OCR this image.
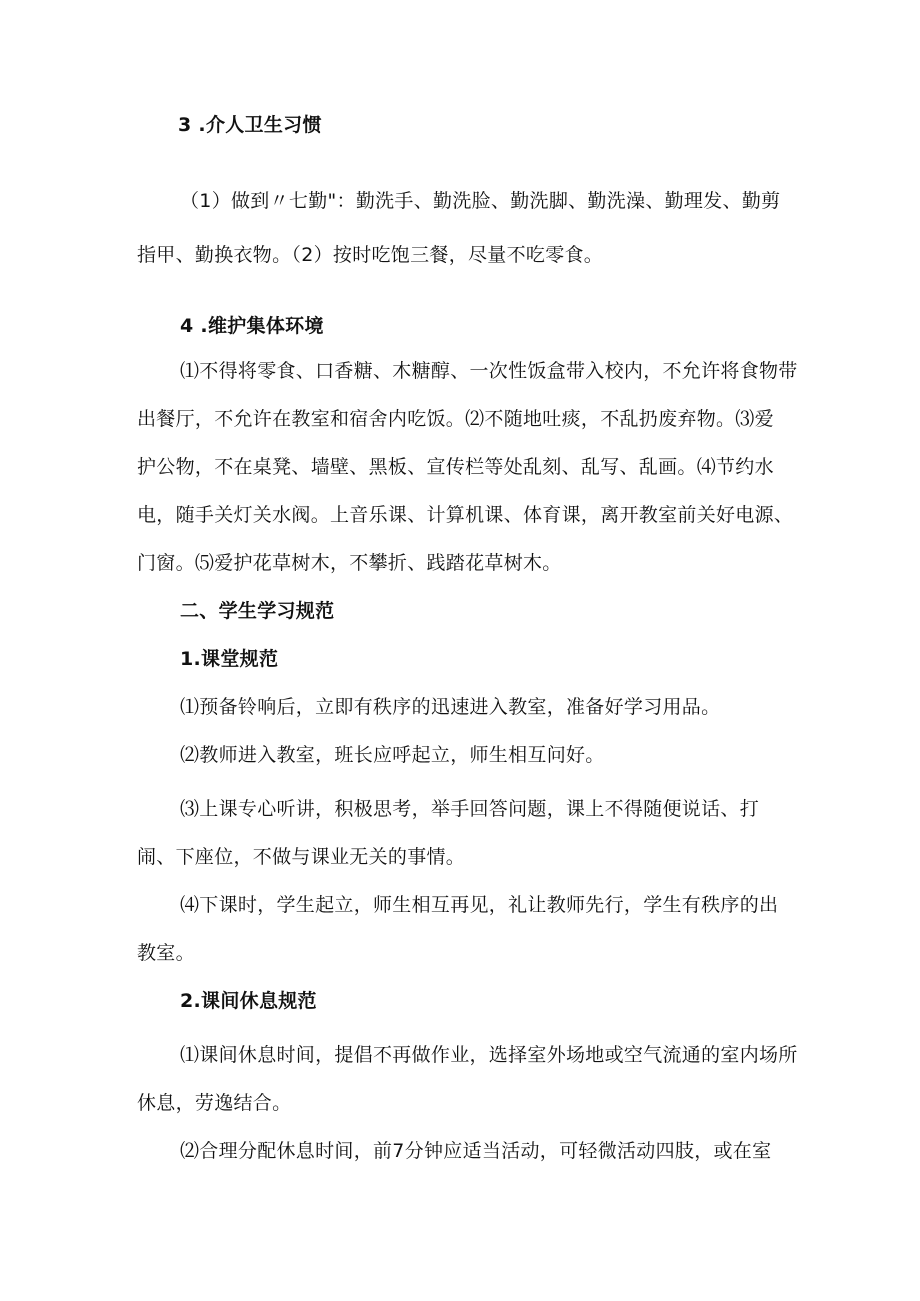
3 .介人卫生习惯

（1）做到〃七勤"：勤洗手、勤洗脸、勤洗脚、勤洗澡、勤理发、勤剪

指甲、勤换衣物。（2）按时吃饱三餐，尽量不吃零食。

4 .维护集体环境

⑴不得将零食、口香糖、木糖醇、一次性饭盒带入校内，不允许将食物带

出餐厅，不允许在教室和宿舍内吃饭。⑵不随地吐痰，不乱扔废弃物。⑶爱

护公物，不在桌凳、墙壁、黑板、宣传栏等处乱刻、乱写、乱画。⑷节约水

电，随手关灯关水阀。上音乐课、计算机课、体育课，离开教室前关好电源、

门窗。⑸爱护花草树木，不攀折、践踏花草树木。

二、学生学习规范

1.课堂规范

⑴预备铃响后，立即有秩序的迅速进入教室，准备好学习用品。

⑵教师进入教室，班长应呼起立，师生相互问好。

⑶上课专心听讲，积极思考，举手回答问题，课上不得随便说话、打

闹、下座位，不做与课业无关的事情。

⑷下课时，学生起立，师生相互再见，礼让教师先行，学生有秩序的出

教室。

2.课间休息规范

⑴课间休息时间，提倡不再做作业，选择室外场地或空气流通的室内场所

休息，劳逸结合。

⑵合理分配休息时间，前7分钟应适当活动，可轻微活动四肢，或在室
